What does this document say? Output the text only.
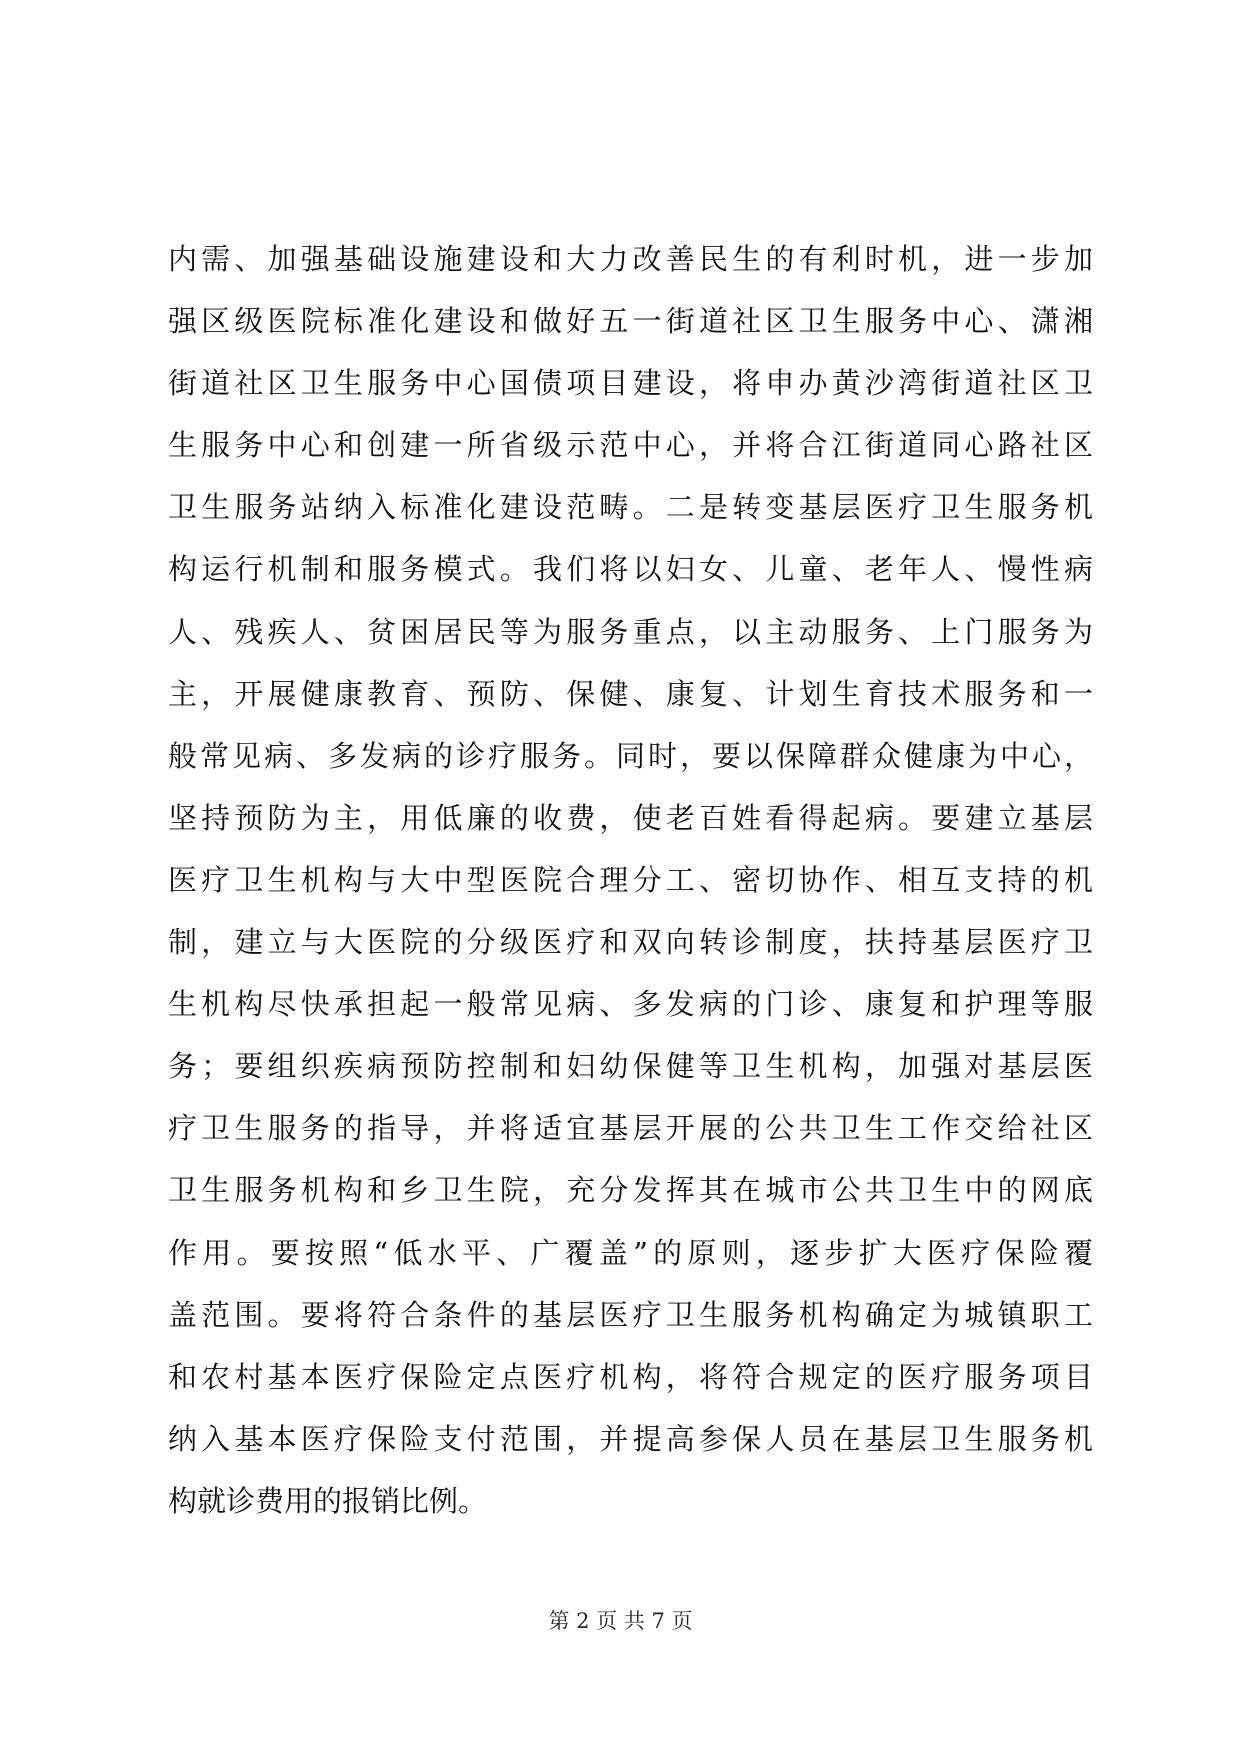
内需、加强基础设施建设和大力改善民生的有利时机，进一步加
强区级医院标准化建设和做好五一街道社区卫生服务中心、潇湘
街道社区卫生服务中心国债项目建设，将申办黄沙湾街道社区卫
生服务中心和创建一所省级示范中心，并将合江街道同心路社区
卫生服务站纳入标准化建设范畴。二是转变基层医疗卫生服务机
构运行机制和服务模式。我们将以妇女、儿童、老年人、慢性病
人、残疾人、贫困居民等为服务重点，以主动服务、上门服务为
主，开展健康教育、预防、保健、康复、计划生育技术服务和一
般常见病、多发病的诊疗服务。同时，要以保障群众健康为中心，
坚持预防为主，用低廉的收费，使老百姓看得起病。要建立基层
医疗卫生机构与大中型医院合理分工、密切协作、相互支持的机
制，建立与大医院的分级医疗和双向转诊制度，扶持基层医疗卫
生机构尽快承担起一般常见病、多发病的门诊、康复和护理等服
务；要组织疾病预防控制和妇幼保健等卫生机构，加强对基层医
疗卫生服务的指导，并将适宜基层开展的公共卫生工作交给社区
卫生服务机构和乡卫生院，充分发挥其在城市公共卫生中的网底
作用。要按照“低水平、广覆盖”的原则，逐步扩大医疗保险覆
盖范围。要将符合条件的基层医疗卫生服务机构确定为城镇职工
和农村基本医疗保险定点医疗机构，将符合规定的医疗服务项目
纳入基本医疗保险支付范围，并提高参保人员在基层卫生服务机
构就诊费用的报销比例。
第 2 页 共 7 页
